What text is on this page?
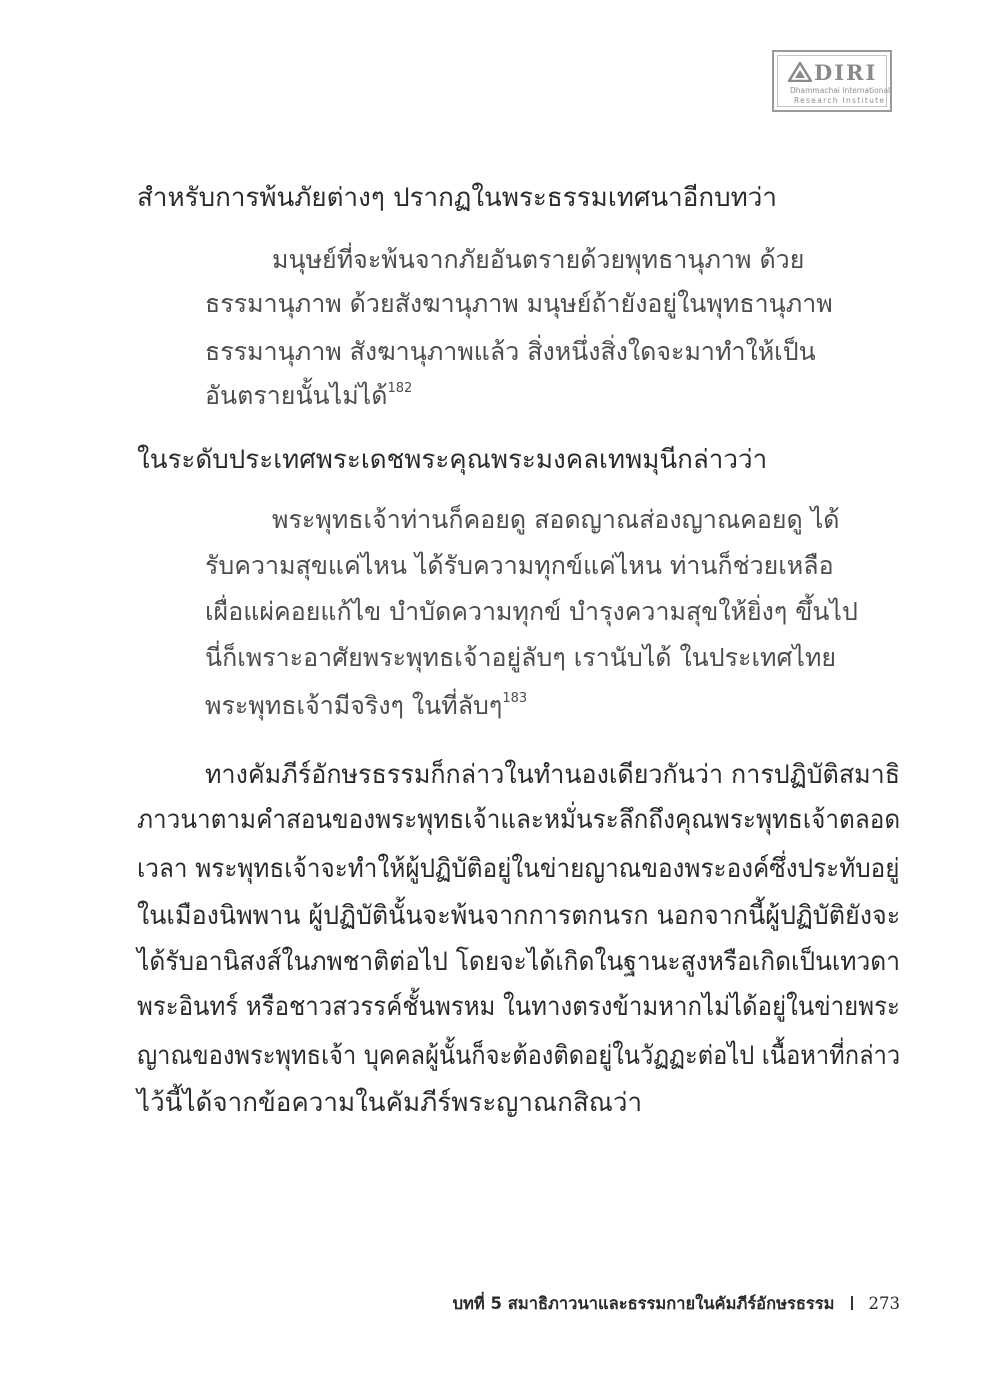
DIRI
Dhammachai International
Research Institute
สำหรับการพ้นภัยต่างๆ ปรากฏในพระธรรมเทศนาอีกบทว่า
มนุษย์ที่จะพ้นจากภัยอันตรายด้วยพุทธานุภาพ ด้วย
ธรรมานุภาพ ด้วยสังฆานุภาพ มนุษย์ถ้ายังอยู่ในพุทธานุภาพ
ธรรมานุภาพ สังฆานุภาพแล้ว สิ่งหนึ่งสิ่งใดจะมาทำให้เป็น
อันตรายนั้นไม่ได้$^{182}$
ในระดับประเทศพระเดชพระคุณพระมงคลเทพมุนีกล่าวว่า
พระพุทธเจ้าท่านก็คอยดู สอดญาณส่องญาณคอยดู ได้
รับความสุขแค่ไหน ได้รับความทุกข์แค่ไหน ท่านก็ช่วยเหลือ
เผื่อแผ่คอยแก้ไข บำบัดความทุกข์ บำรุงความสุขให้ยิ่งๆ ขึ้นไป
นี่ก็เพราะอาศัยพระพุทธเจ้าอยู่ลับๆ เรานับได้ ในประเทศไทย
พระพุทธเจ้ามีจริงๆ ในที่ลับๆ$^{183}$
ทางคัมภีร์อักษรธรรมก็กล่าวในทำนองเดียวกันว่า การปฏิบัติสมาธิ
ภาวนาตามคำสอนของพระพุทธเจ้าและหมั่นระลึกถึงคุณพระพุทธเจ้าตลอด
เวลา พระพุทธเจ้าจะทำให้ผู้ปฏิบัติอยู่ในข่ายญาณของพระองค์ซึ่งประทับอยู่
ในเมืองนิพพาน ผู้ปฏิบัตินั้นจะพ้นจากการตกนรก นอกจากนี้ผู้ปฏิบัติยังจะ
ได้รับอานิสงส์ในภพชาติต่อไป โดยจะได้เกิดในฐานะสูงหรือเกิดเป็นเทวดา
พระอินทร์ หรือชาวสวรรค์ชั้นพรหม ในทางตรงข้ามหากไม่ได้อยู่ในข่ายพระ
ญาณของพระพุทธเจ้า บุคคลผู้นั้นก็จะต้องติดอยู่ในวัฏฏะต่อไป เนื้อหาที่กล่าว
ไว้นี้ได้จากข้อความในคัมภีร์พระญาณกสิณว่า
บทที่ 5 สมาธิภาวนาและธรรมกายในคัมภีร์อักษรธรรม 273
